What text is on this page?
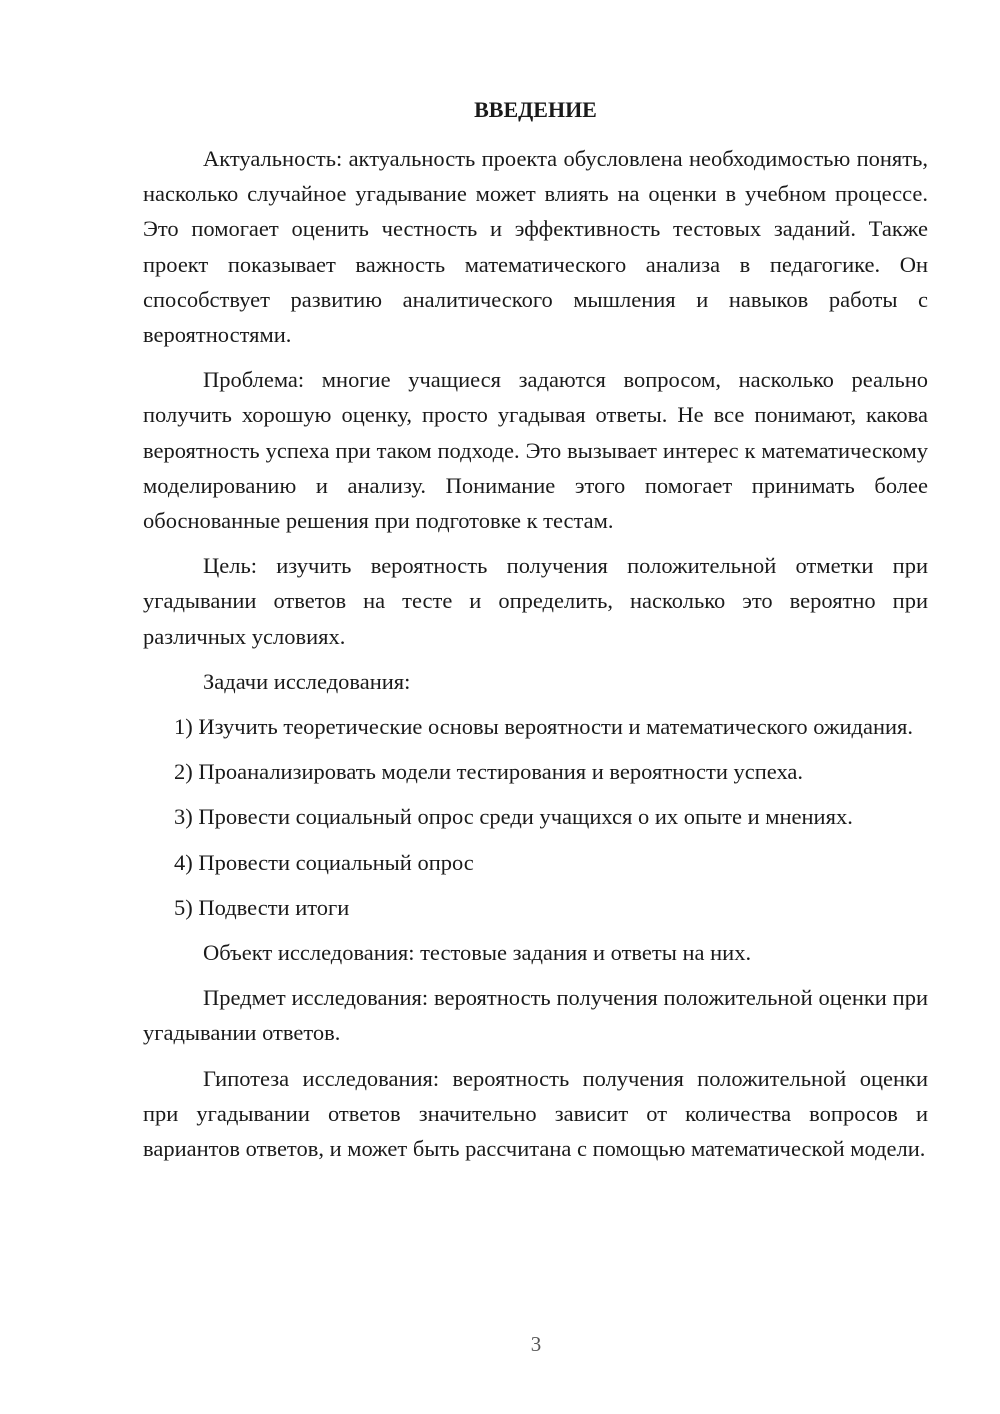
ВВЕДЕНИЕ

Актуальность: актуальность проекта обусловлена необходимостью понять, насколько случайное угадывание может влиять на оценки в учебном процессе. Это помогает оценить честность и эффективность тестовых заданий. Также проект показывает важность математического анализа в педагогике. Он способствует развитию аналитического мышления и навыков работы с вероятностями.

Проблема: многие учащиеся задаются вопросом, насколько реально получить хорошую оценку, просто угадывая ответы. Не все понимают, какова вероятность успеха при таком подходе. Это вызывает интерес к математическому моделированию и анализу. Понимание этого помогает принимать более обоснованные решения при подготовке к тестам.

Цель: изучить вероятность получения положительной отметки при угадывании ответов на тесте и определить, насколько это вероятно при различных условиях.

Задачи исследования:

1) Изучить теоретические основы вероятности и математического ожидания.

2) Проанализировать модели тестирования и вероятности успеха.

3) Провести социальный опрос среди учащихся о их опыте и мнениях.

4) Провести социальный опрос

5) Подвести итоги

Объект исследования: тестовые задания и ответы на них.

Предмет исследования: вероятность получения положительной оценки при угадывании ответов.

Гипотеза исследования: вероятность получения положительной оценки при угадывании ответов значительно зависит от количества вопросов и вариантов ответов, и может быть рассчитана с помощью математической модели.

3
